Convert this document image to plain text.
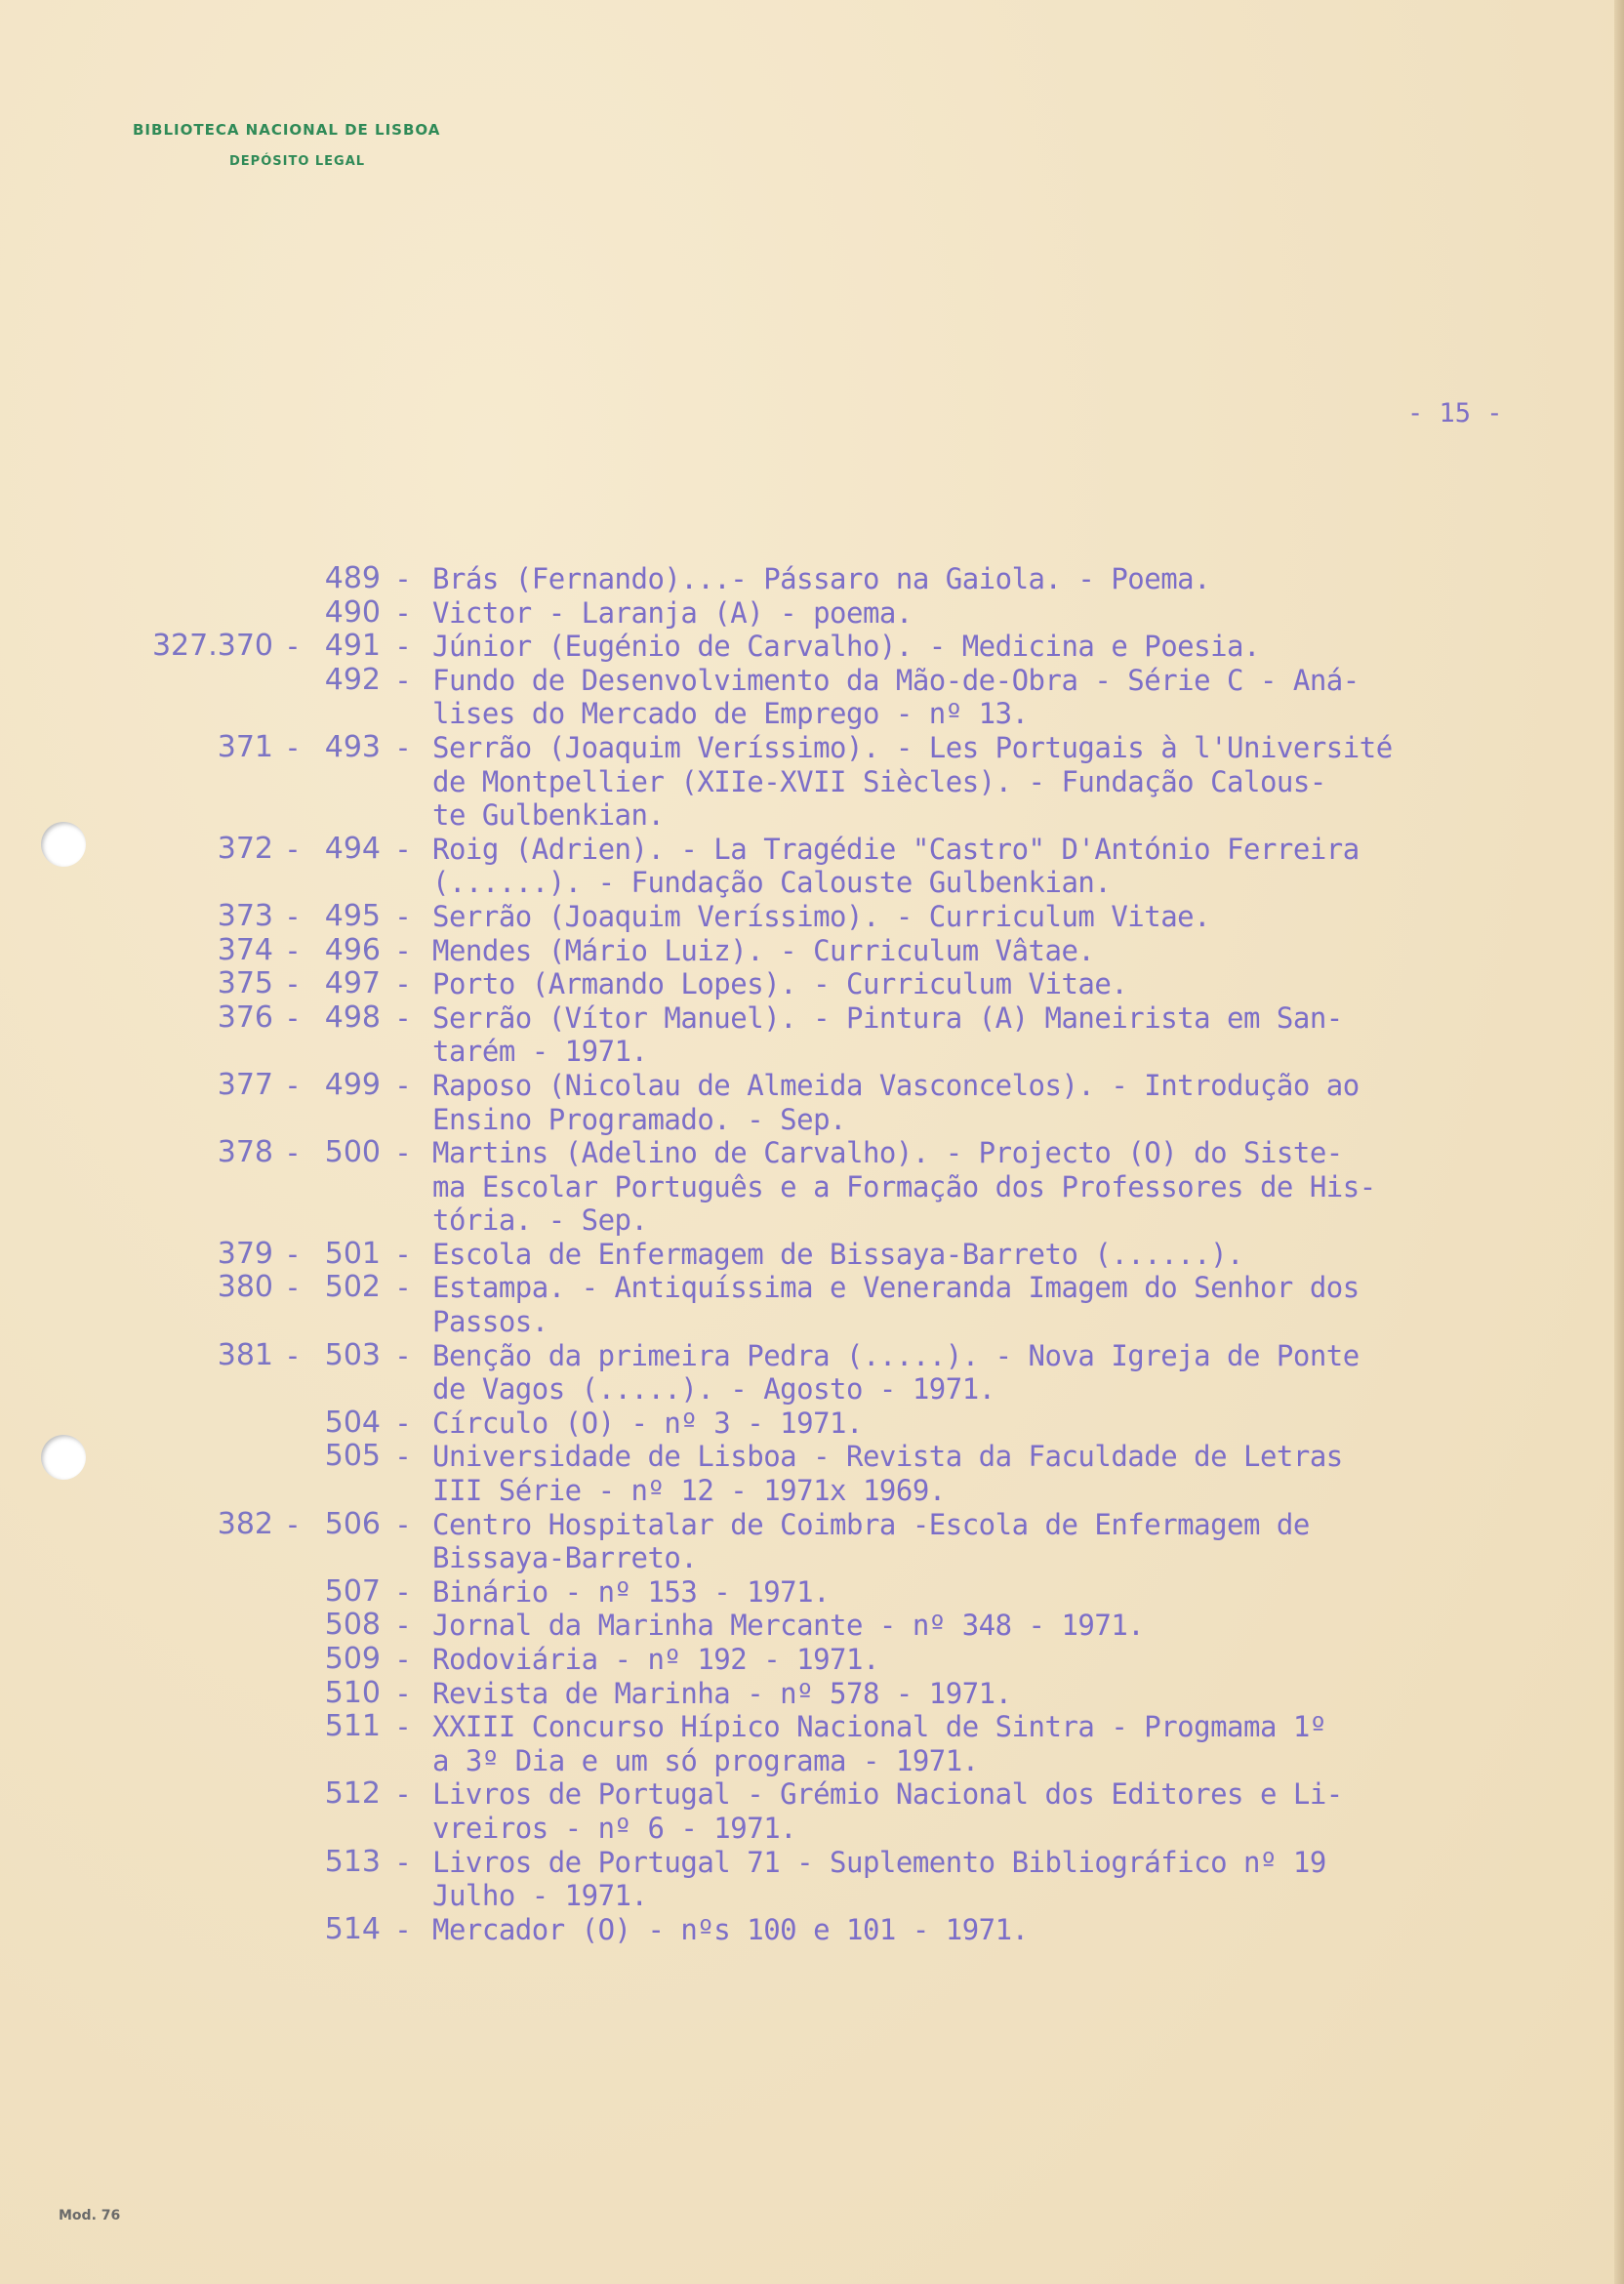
BIBLIOTECA NACIONAL DE LISBOA
DEPÓSITO LEGAL
- 15 -
489 - Brás (Fernando)...- Pássaro na Gaiola. - Poema.
490 - Victor - Laranja (A) - poema.
327.370 - 491 - Júnior (Eugénio de Carvalho). - Medicina e Poesia.
492 - Fundo de Desenvolvimento da Mão-de-Obra - Série C - Aná-
lises do Mercado de Emprego - nº 13.
371 - 493 - Serrão (Joaquim Veríssimo). - Les Portugais à l'Université
de Montpellier (XIIe-XVII Siècles). - Fundação Calous-
te Gulbenkian.
372 - 494 - Roig (Adrien). - La Tragédie "Castro" D'António Ferreira
(......). - Fundação Calouste Gulbenkian.
373 - 495 - Serrão (Joaquim Veríssimo). - Curriculum Vitae.
374 - 496 - Mendes (Mário Luiz). - Curriculum Vâtae.
375 - 497 - Porto (Armando Lopes). - Curriculum Vitae.
376 - 498 - Serrão (Vítor Manuel). - Pintura (A) Maneirista em San-
tarém - 1971.
377 - 499 - Raposo (Nicolau de Almeida Vasconcelos). - Introdução ao
Ensino Programado. - Sep.
378 - 500 - Martins (Adelino de Carvalho). - Projecto (O) do Siste-
ma Escolar Português e a Formação dos Professores de His-
tória. - Sep.
379 - 501 - Escola de Enfermagem de Bissaya-Barreto (......).
380 - 502 - Estampa. - Antiquíssima e Veneranda Imagem do Senhor dos
Passos.
381 - 503 - Benção da primeira Pedra (.....). - Nova Igreja de Ponte
de Vagos (.....). - Agosto - 1971.
504 - Círculo (O) - nº 3 - 1971.
505 - Universidade de Lisboa - Revista da Faculdade de Letras
III Série - nº 12 - 1971x 1969.
382 - 506 - Centro Hospitalar de Coimbra -Escola de Enfermagem de
Bissaya-Barreto.
507 - Binário - nº 153 - 1971.
508 - Jornal da Marinha Mercante - nº 348 - 1971.
509 - Rodoviária - nº 192 - 1971.
510 - Revista de Marinha - nº 578 - 1971.
511 - XXIII Concurso Hípico Nacional de Sintra - Progmama 1º
a 3º Dia e um só programa - 1971.
512 - Livros de Portugal - Grémio Nacional dos Editores e Li-
vreiros - nº 6 - 1971.
513 - Livros de Portugal 71 - Suplemento Bibliográfico nº 19
Julho - 1971.
514 - Mercador (O) - nºs 100 e 101 - 1971.
Mod. 76
